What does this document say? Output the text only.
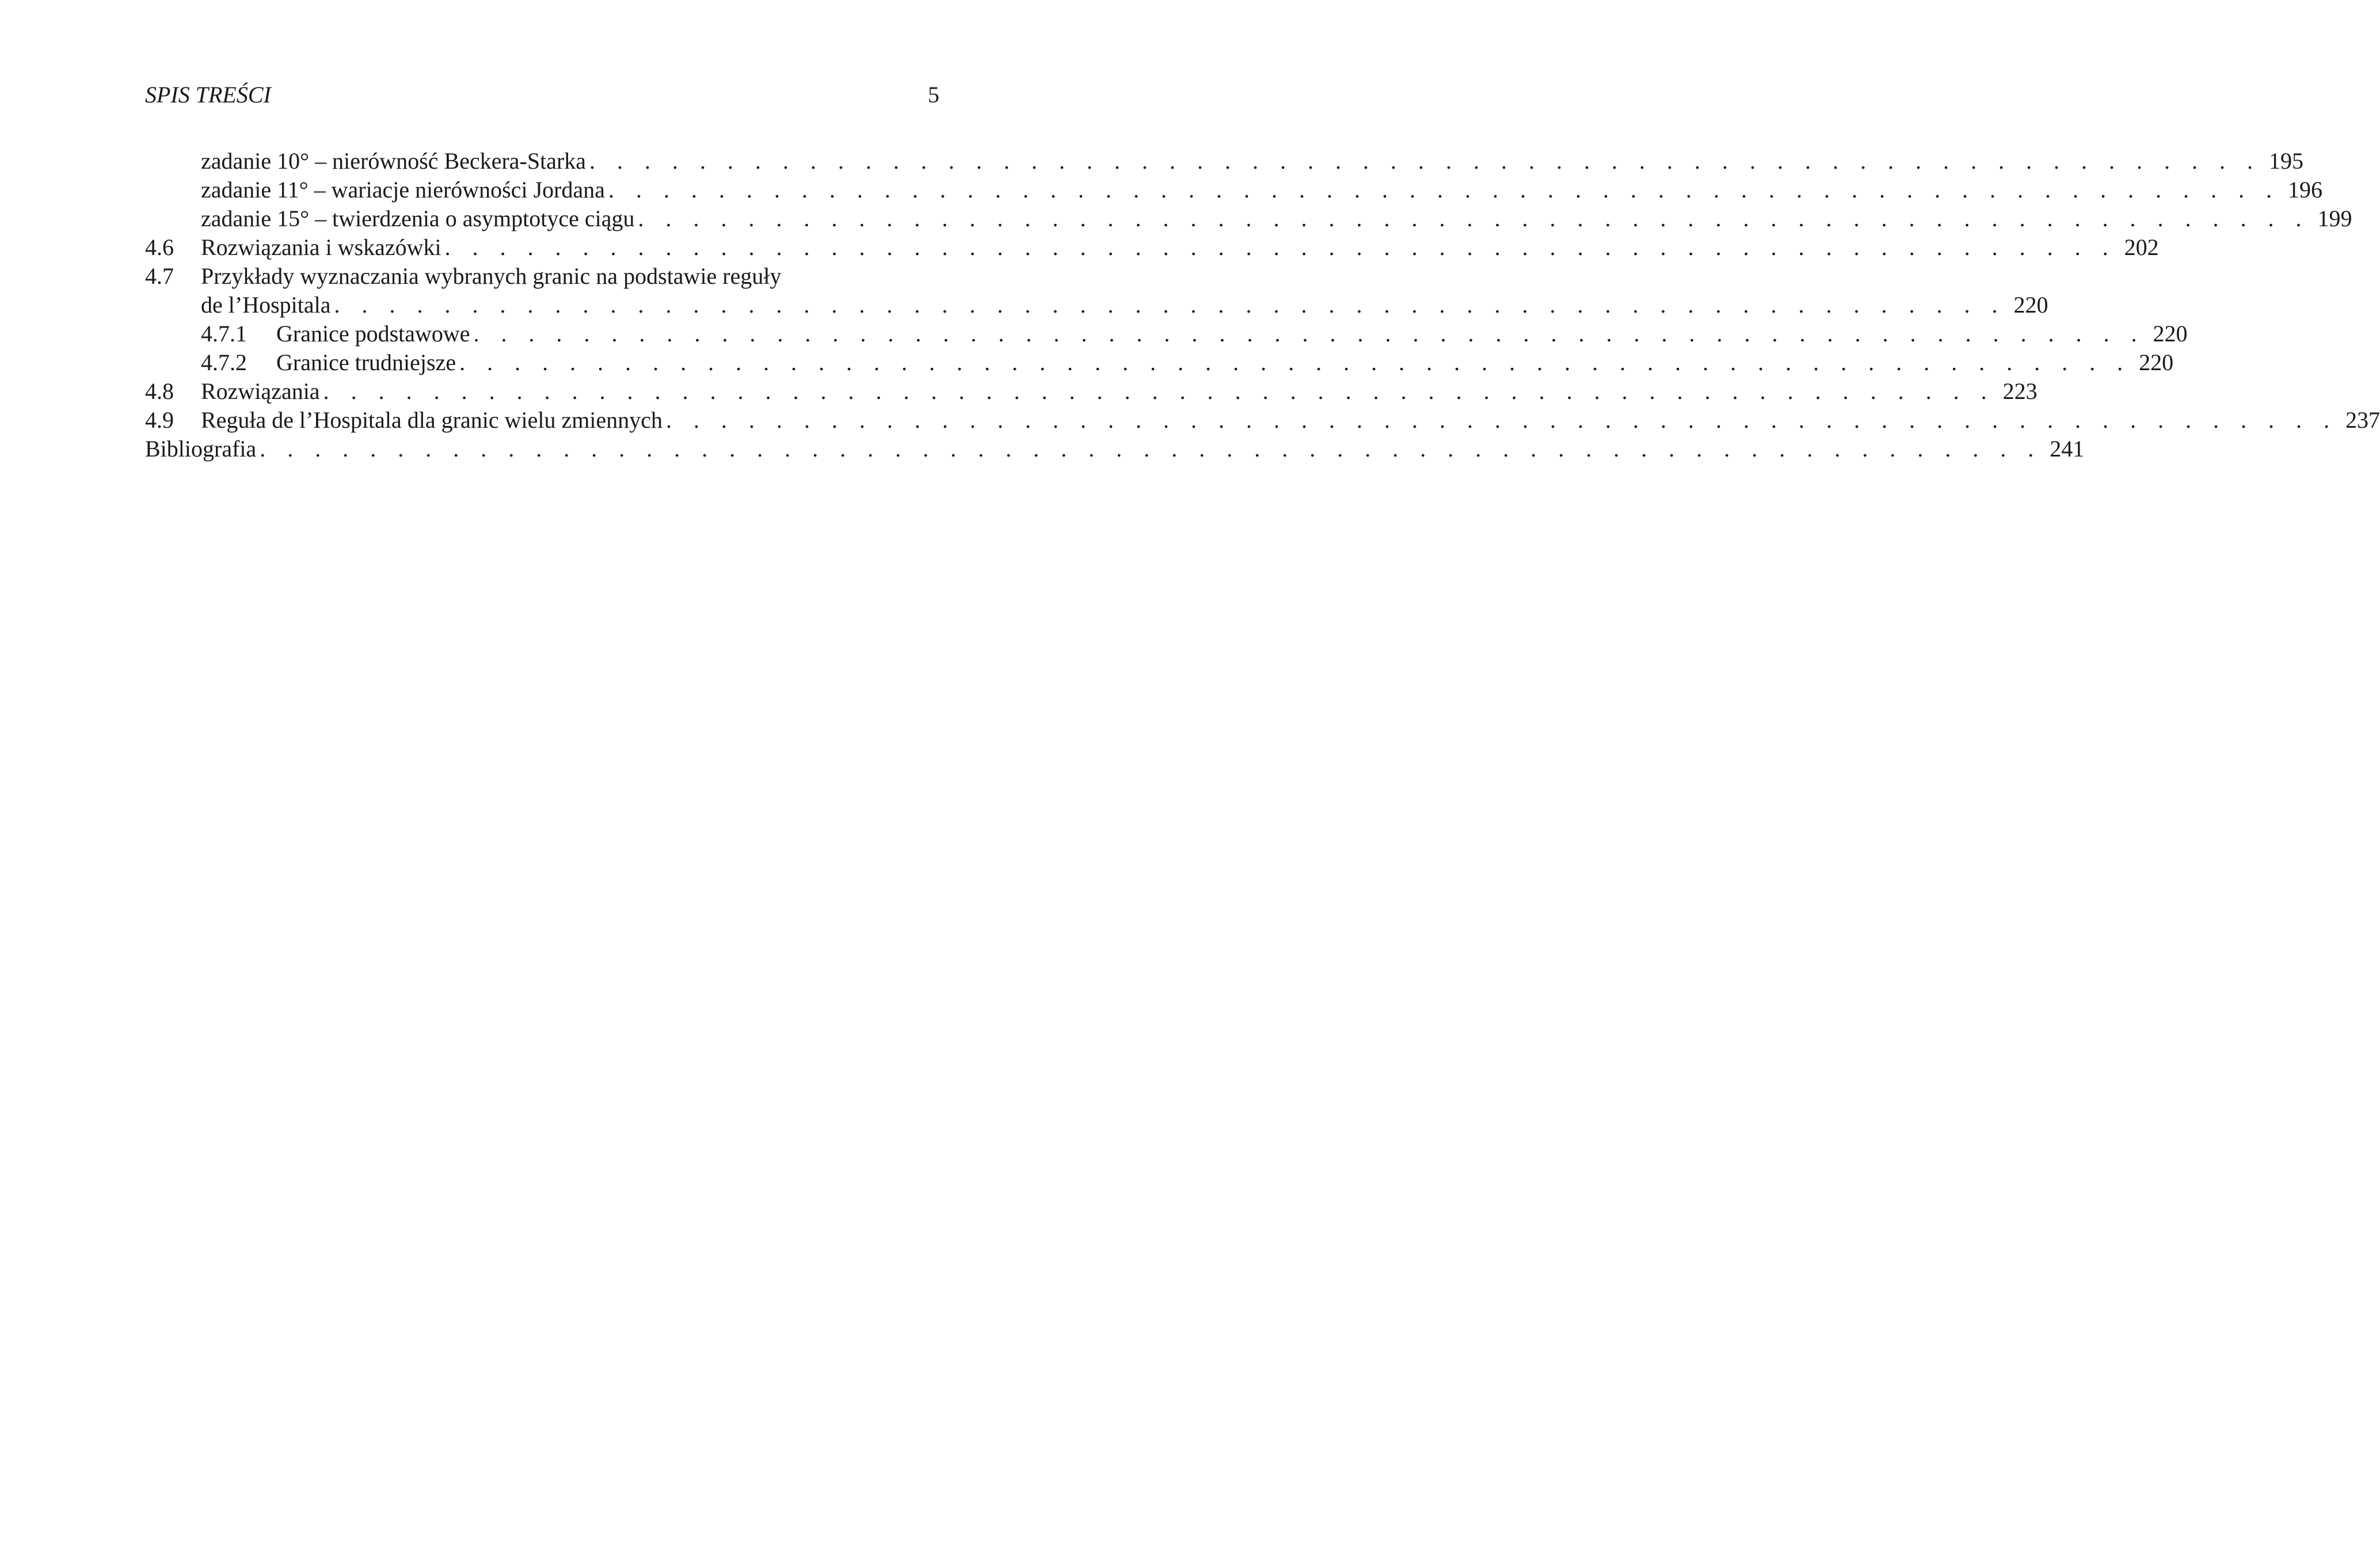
SPIS TREŚCI	5
zadanie 10° – nierówność Beckera-Starka . . . . . . . . . . . . . . . . . . . . . . . . . . . . . . . . . . . . . . . . . . . . . . . . . . . . . . . . . . . . . 195
zadanie 11° – wariacje nierówności Jordana . . . . . . . . . . . . . . . . . . . . . . . . . . . . . . . . . . . . . . . . . . . . . . . . . . . . . . . . . . . . . 196
zadanie 15° – twierdzenia o asymptotyce ciągu . . . . . . . . . . . . . . . . . . . . . . . . . . . . . . . . . . . . . . . . . . . . . . . . . . . . . . . . . . . . . 199
4.6 Rozwiązania i wskazówki . . . . . . . . . . . . . . . . . . . . . . . . . . . . . . . . . . . . . . . . . . . . . . . . . . . . . . . . . . . . . 202
4.7 Przykłady wyznaczania wybranych granic na podstawie reguły
de l’Hospitala . . . . . . . . . . . . . . . . . . . . . . . . . . . . . . . . . . . . . . . . . . . . . . . . . . . . . . . . . . . . . 220
4.7.1 Granice podstawowe . . . . . . . . . . . . . . . . . . . . . . . . . . . . . . . . . . . . . . . . . . . . . . . . . . . . . . . . . . . . . 220
4.7.2 Granice trudniejsze . . . . . . . . . . . . . . . . . . . . . . . . . . . . . . . . . . . . . . . . . . . . . . . . . . . . . . . . . . . . . 220
4.8 Rozwiązania . . . . . . . . . . . . . . . . . . . . . . . . . . . . . . . . . . . . . . . . . . . . . . . . . . . . . . . . . . . . . 223
4.9 Reguła de l’Hospitala dla granic wielu zmiennych . . . . . . . . . . . . . . . . . . . . . . . . . . . . . . . . . . . . . . . . . . . . . . . . . . . . . . . . . . . . . 237
Bibliografia . . . . . . . . . . . . . . . . . . . . . . . . . . . . . . . . . . . . . . . . . . . . . . . . . . . . . . . . . . . . . . . . . 241
